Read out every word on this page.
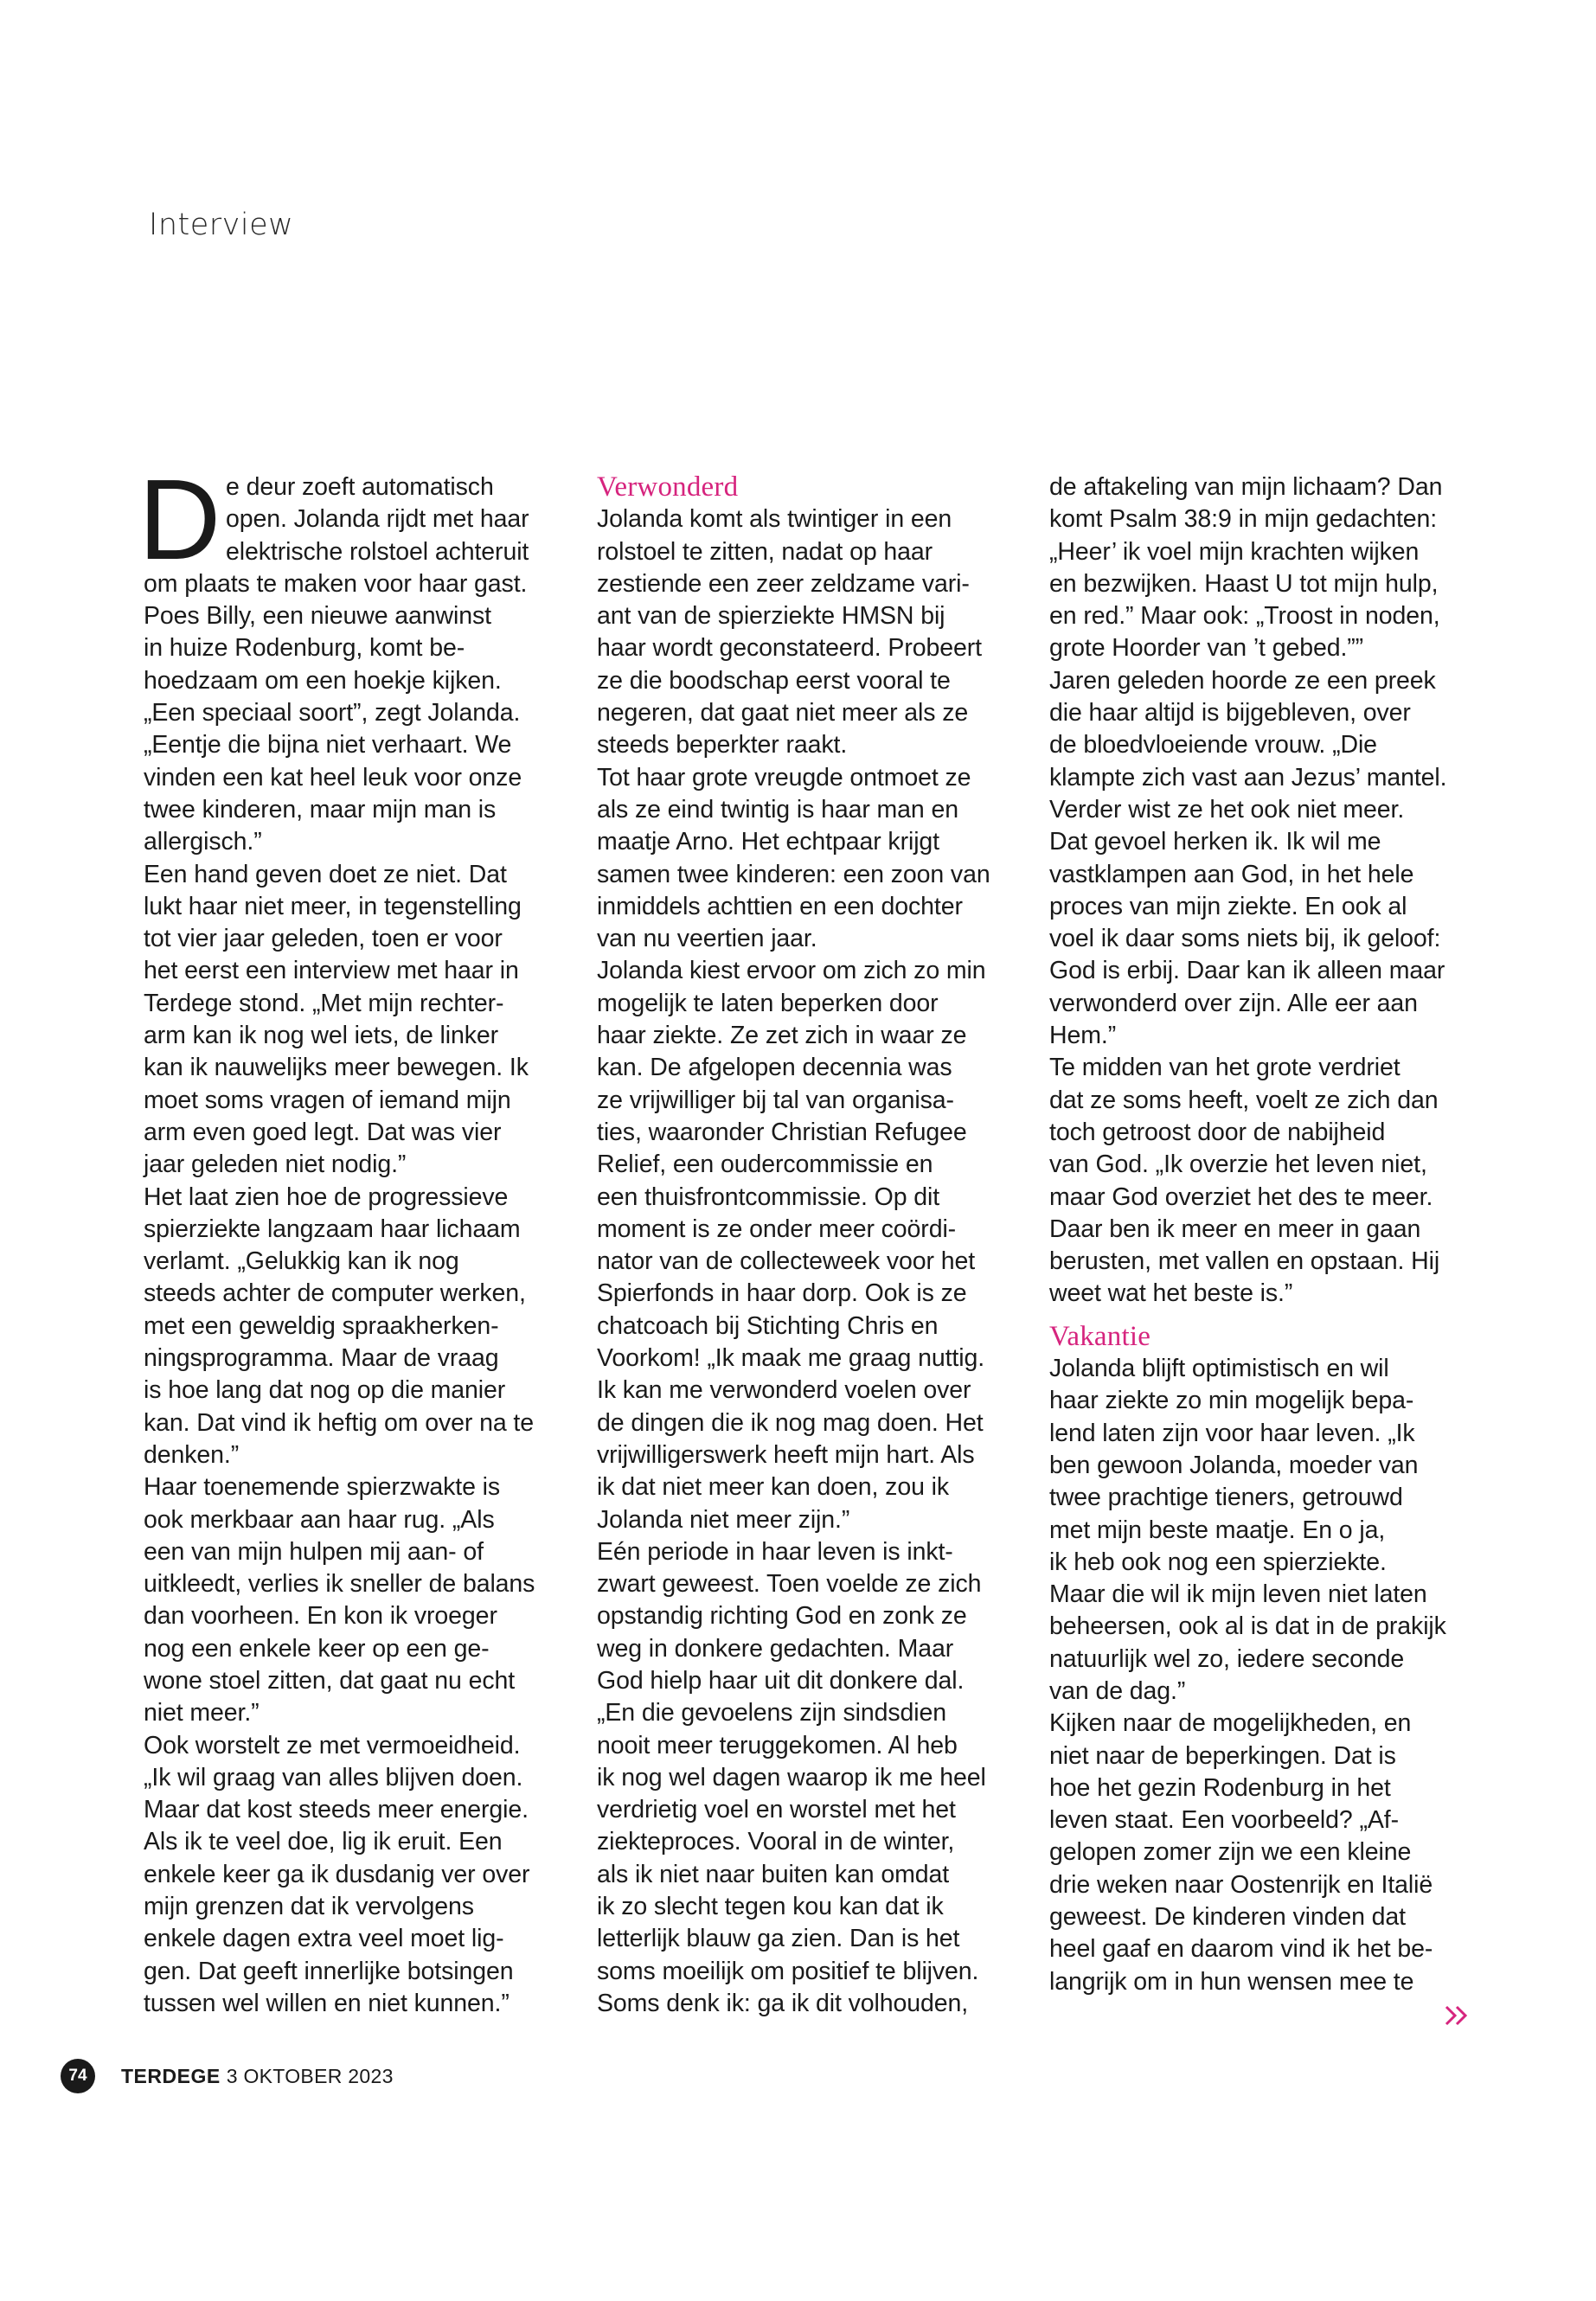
Interview
D e deur zoeft automatisch
open. Jolanda rijdt met haar
elektrische rolstoel achteruit
om plaats te maken voor haar gast.
Poes Billy, een nieuwe aanwinst
in huize Rodenburg, komt be-
hoedzaam om een hoekje kijken.
„Een speciaal soort”, zegt Jolanda.
„Eentje die bijna niet verhaart. We
vinden een kat heel leuk voor onze
twee kinderen, maar mijn man is
allergisch.”
Een hand geven doet ze niet. Dat
lukt haar niet meer, in tegenstelling
tot vier jaar geleden, toen er voor
het eerst een interview met haar in
Terdege stond. „Met mijn rechter-
arm kan ik nog wel iets, de linker
kan ik nauwelijks meer bewegen. Ik
moet soms vragen of iemand mijn
arm even goed legt. Dat was vier
jaar geleden niet nodig.”
Het laat zien hoe de progressieve
spierziekte langzaam haar lichaam
verlamt. „Gelukkig kan ik nog
steeds achter de computer werken,
met een geweldig spraakherken-
ningsprogramma. Maar de vraag
is hoe lang dat nog op die manier
kan. Dat vind ik heftig om over na te
denken.”
Haar toenemende spierzwakte is
ook merkbaar aan haar rug. „Als
een van mijn hulpen mij aan- of
uitkleedt, verlies ik sneller de balans
dan voorheen. En kon ik vroeger
nog een enkele keer op een ge-
wone stoel zitten, dat gaat nu echt
niet meer.”
Ook worstelt ze met vermoeidheid.
„Ik wil graag van alles blijven doen.
Maar dat kost steeds meer energie.
Als ik te veel doe, lig ik eruit. Een
enkele keer ga ik dusdanig ver over
mijn grenzen dat ik vervolgens
enkele dagen extra veel moet lig-
gen. Dat geeft innerlijke botsingen
tussen wel willen en niet kunnen.”
Verwonderd
Jolanda komt als twintiger in een
rolstoel te zitten, nadat op haar
zestiende een zeer zeldzame vari-
ant van de spierziekte HMSN bij
haar wordt geconstateerd. Probeert
ze die boodschap eerst vooral te
negeren, dat gaat niet meer als ze
steeds beperkter raakt.
Tot haar grote vreugde ontmoet ze
als ze eind twintig is haar man en
maatje Arno. Het echtpaar krijgt
samen twee kinderen: een zoon van
inmiddels achttien en een dochter
van nu veertien jaar.
Jolanda kiest ervoor om zich zo min
mogelijk te laten beperken door
haar ziekte. Ze zet zich in waar ze
kan. De afgelopen decennia was
ze vrijwilliger bij tal van organisa-
ties, waaronder Christian Refugee
Relief, een oudercommissie en
een thuisfrontcommissie. Op dit
moment is ze onder meer coördi-
nator van de collecteweek voor het
Spierfonds in haar dorp. Ook is ze
chatcoach bij Stichting Chris en
Voorkom! „Ik maak me graag nuttig.
Ik kan me verwonderd voelen over
de dingen die ik nog mag doen. Het
vrijwilligerswerk heeft mijn hart. Als
ik dat niet meer kan doen, zou ik
Jolanda niet meer zijn.”
Eén periode in haar leven is inkt-
zwart geweest. Toen voelde ze zich
opstandig richting God en zonk ze
weg in donkere gedachten. Maar
God hielp haar uit dit donkere dal.
„En die gevoelens zijn sindsdien
nooit meer teruggekomen. Al heb
ik nog wel dagen waarop ik me heel
verdrietig voel en worstel met het
ziekteproces. Vooral in de winter,
als ik niet naar buiten kan omdat
ik zo slecht tegen kou kan dat ik
letterlijk blauw ga zien. Dan is het
soms moeilijk om positief te blijven.
Soms denk ik: ga ik dit volhouden,
de aftakeling van mijn lichaam? Dan
komt Psalm 38:9 in mijn gedachten:
„Heer’ ik voel mijn krachten wijken
en bezwijken. Haast U tot mijn hulp,
en red.” Maar ook: „Troost in noden,
grote Hoorder van ’t gebed.””
Jaren geleden hoorde ze een preek
die haar altijd is bijgebleven, over
de bloedvloeiende vrouw. „Die
klampte zich vast aan Jezus’ mantel.
Verder wist ze het ook niet meer.
Dat gevoel herken ik. Ik wil me
vastklampen aan God, in het hele
proces van mijn ziekte. En ook al
voel ik daar soms niets bij, ik geloof:
God is erbij. Daar kan ik alleen maar
verwonderd over zijn. Alle eer aan
Hem.”
Te midden van het grote verdriet
dat ze soms heeft, voelt ze zich dan
toch getroost door de nabijheid
van God. „Ik overzie het leven niet,
maar God overziet het des te meer.
Daar ben ik meer en meer in gaan
berusten, met vallen en opstaan. Hij
weet wat het beste is.”
Vakantie
Jolanda blijft optimistisch en wil
haar ziekte zo min mogelijk bepa-
lend laten zijn voor haar leven. „Ik
ben gewoon Jolanda, moeder van
twee prachtige tieners, getrouwd
met mijn beste maatje. En o ja,
ik heb ook nog een spierziekte.
Maar die wil ik mijn leven niet laten
beheersen, ook al is dat in de prakijk
natuurlijk wel zo, iedere seconde
van de dag.”
Kijken naar de mogelijkheden, en
niet naar de beperkingen. Dat is
hoe het gezin Rodenburg in het
leven staat. Een voorbeeld? „Af-
gelopen zomer zijn we een kleine
drie weken naar Oostenrijk en Italië
geweest. De kinderen vinden dat
heel gaaf en daarom vind ik het be-
langrijk om in hun wensen mee te
74	TERDEGE 3 OKTOBER 2023
